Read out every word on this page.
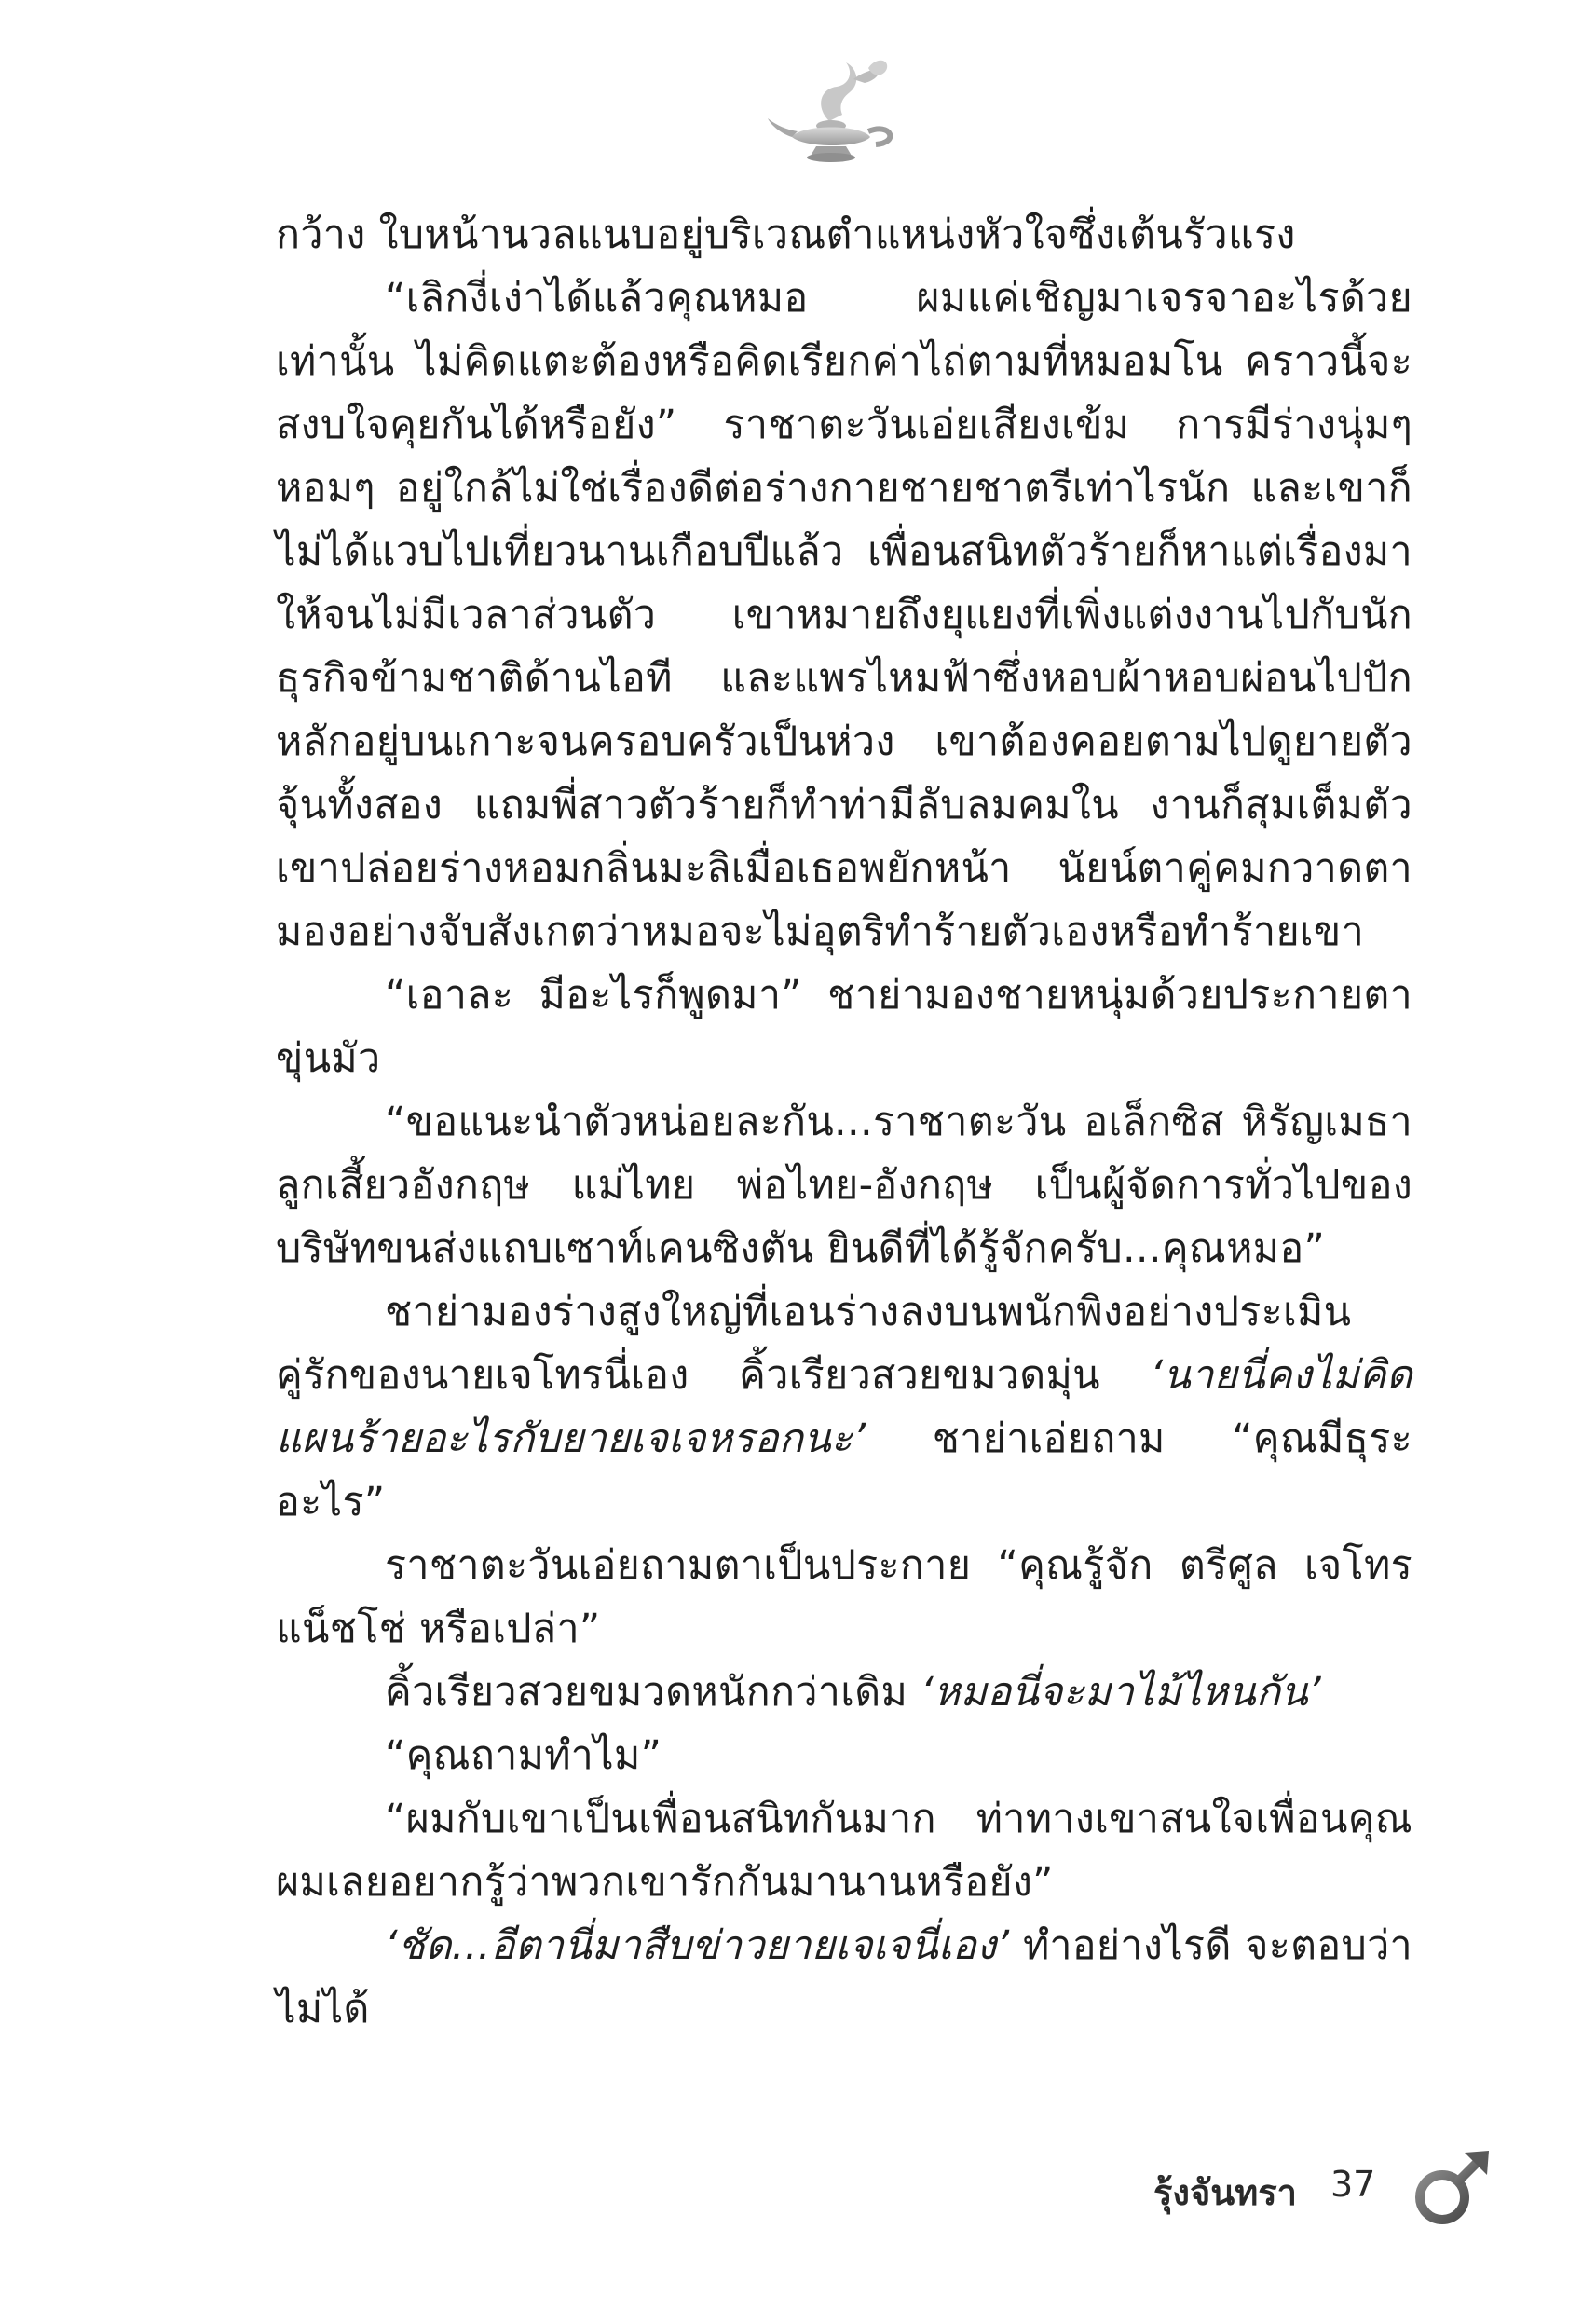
กว้าง ใบหน้านวลแนบอยู่บริเวณตำแหน่งหัวใจซึ่งเต้นรัวแรง

“เลิกงี่เง่าได้แล้วคุณหมอ ผมแค่เชิญมาเจรจาอะไรด้วยเท่านั้น ไม่คิดแตะต้องหรือคิดเรียกค่าไถ่ตามที่หมอมโน คราวนี้จะสงบใจคุยกันได้หรือยัง” ราชาตะวันเอ่ยเสียงเข้ม การมีร่างนุ่มๆ หอมๆ อยู่ใกล้ไม่ใช่เรื่องดีต่อร่างกายชายชาตรีเท่าไรนัก และเขาก็ไม่ได้แวบไปเที่ยวนานเกือบปีแล้ว เพื่อนสนิทตัวร้ายก็หาแต่เรื่องมาให้จนไม่มีเวลาส่วนตัว เขาหมายถึงยุแยงที่เพิ่งแต่งงานไปกับนักธุรกิจข้ามชาติด้านไอที และแพรไหมฟ้าซึ่งหอบผ้าหอบผ่อนไปปักหลักอยู่บนเกาะจนครอบครัวเป็นห่วง เขาต้องคอยตามไปดูยายตัวจุ้นทั้งสอง แถมพี่สาวตัวร้ายก็ทำท่ามีลับลมคมใน งานก็สุมเต็มตัว เขาปล่อยร่างหอมกลิ่นมะลิเมื่อเธอพยักหน้า นัยน์ตาคู่คมกวาดตามองอย่างจับสังเกตว่าหมอจะไม่อุตริทำร้ายตัวเองหรือทำร้ายเขา

“เอาละ มีอะไรก็พูดมา” ชาย่ามองชายหนุ่มด้วยประกายตาขุ่นมัว

“ขอแนะนำตัวหน่อยละกัน...ราชาตะวัน อเล็กซิส หิรัญเมธา ลูกเสี้ยวอังกฤษ แม่ไทย พ่อไทย-อังกฤษ เป็นผู้จัดการทั่วไปของบริษัทขนส่งแถบเซาท์เคนซิงตัน ยินดีที่ได้รู้จักครับ...คุณหมอ”

ชาย่ามองร่างสูงใหญ่ที่เอนร่างลงบนพนักพิงอย่างประเมิน คู่รักของนายเจโทรนี่เอง คิ้วเรียวสวยขมวดมุ่น ‘นายนี่คงไม่คิดแผนร้ายอะไรกับยายเจเจหรอกนะ’ ชาย่าเอ่ยถาม “คุณมีธุระอะไร”

ราชาตะวันเอ่ยถามตาเป็นประกาย “คุณรู้จัก ตรีศูล เจโทร แน็ชโช่ หรือเปล่า”

คิ้วเรียวสวยขมวดหนักกว่าเดิม ‘หมอนี่จะมาไม้ไหนกัน’

“คุณถามทำไม”

“ผมกับเขาเป็นเพื่อนสนิทกันมาก ท่าทางเขาสนใจเพื่อนคุณ ผมเลยอยากรู้ว่าพวกเขารักกันมานานหรือยัง”

‘ชัด...อีตานี่มาสืบข่าวยายเจเจนี่เอง’ ทำอย่างไรดี จะตอบว่าไม่ได้

รุ้งจันทรา 37
